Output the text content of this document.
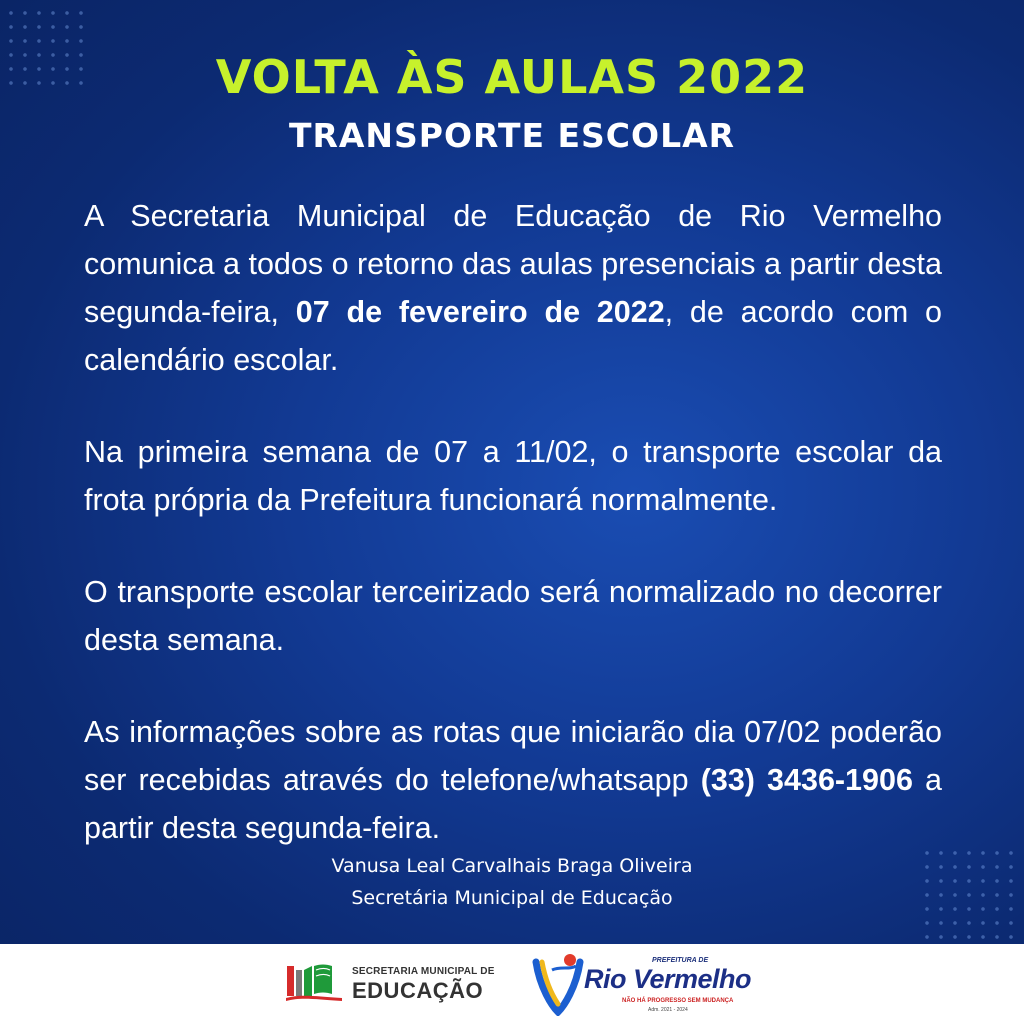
VOLTA ÀS AULAS 2022
TRANSPORTE ESCOLAR

A Secretaria Municipal de Educação de Rio Vermelho comunica a todos o retorno das aulas presenciais a partir desta segunda-feira, 07 de fevereiro de 2022, de acordo com o calendário escolar.

Na primeira semana de 07 a 11/02, o transporte escolar da frota própria da Prefeitura funcionará normalmente.

O transporte escolar terceirizado será normalizado no decorrer desta semana.

As informações sobre as rotas que iniciarão dia 07/02 poderão ser recebidas através do telefone/whatsapp (33) 3436-1906 a partir desta segunda-feira.

Vanusa Leal Carvalhais Braga Oliveira
Secretária Municipal de Educação
SECRETARIA MUNICIPAL DE
EDUCAÇÃO
PREFEITURA DE
Rio Vermelho
NÃO HÁ PROGRESSO SEM MUDANÇA
Adm. 2021 - 2024
